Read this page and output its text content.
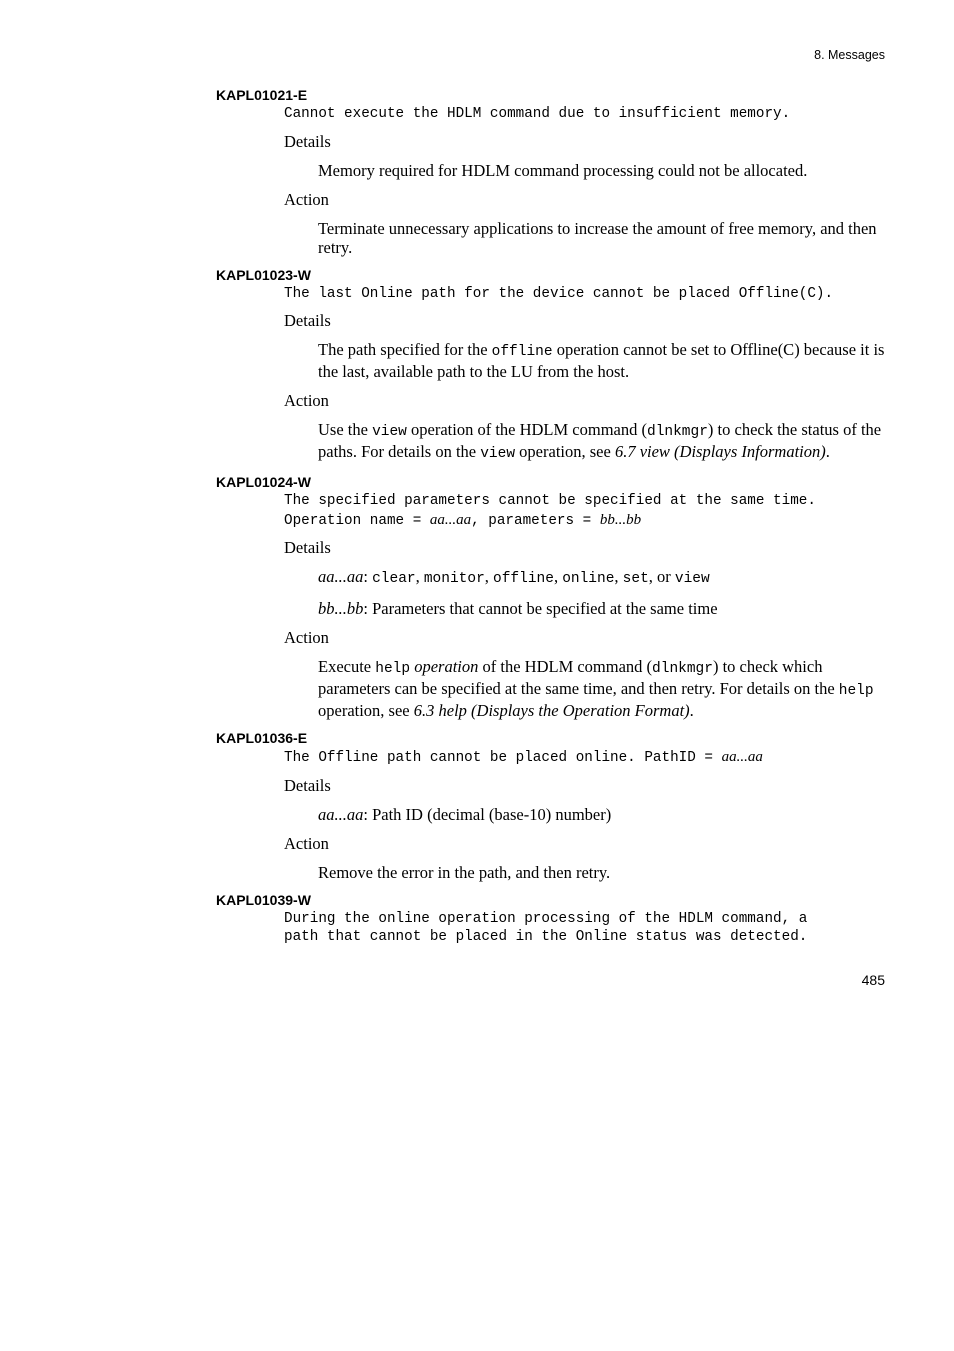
8. Messages
KAPL01021-E
Cannot execute the HDLM command due to insufficient memory.
Details
Memory required for HDLM command processing could not be allocated.
Action
Terminate unnecessary applications to increase the amount of free memory, and then retry.
KAPL01023-W
The last Online path for the device cannot be placed Offline(C).
Details
The path specified for the offline operation cannot be set to Offline(C) because it is the last, available path to the LU from the host.
Action
Use the view operation of the HDLM command (dlnkmgr) to check the status of the paths. For details on the view operation, see 6.7 view (Displays Information).
KAPL01024-W
The specified parameters cannot be specified at the same time.
Operation name = aa...aa, parameters = bb...bb
Details
aa...aa: clear, monitor, offline, online, set, or view
bb...bb: Parameters that cannot be specified at the same time
Action
Execute help operation of the HDLM command (dlnkmgr) to check which parameters can be specified at the same time, and then retry. For details on the help operation, see 6.3 help (Displays the Operation Format).
KAPL01036-E
The Offline path cannot be placed online. PathID = aa...aa
Details
aa...aa: Path ID (decimal (base-10) number)
Action
Remove the error in the path, and then retry.
KAPL01039-W
During the online operation processing of the HDLM command, a
path that cannot be placed in the Online status was detected.
485
